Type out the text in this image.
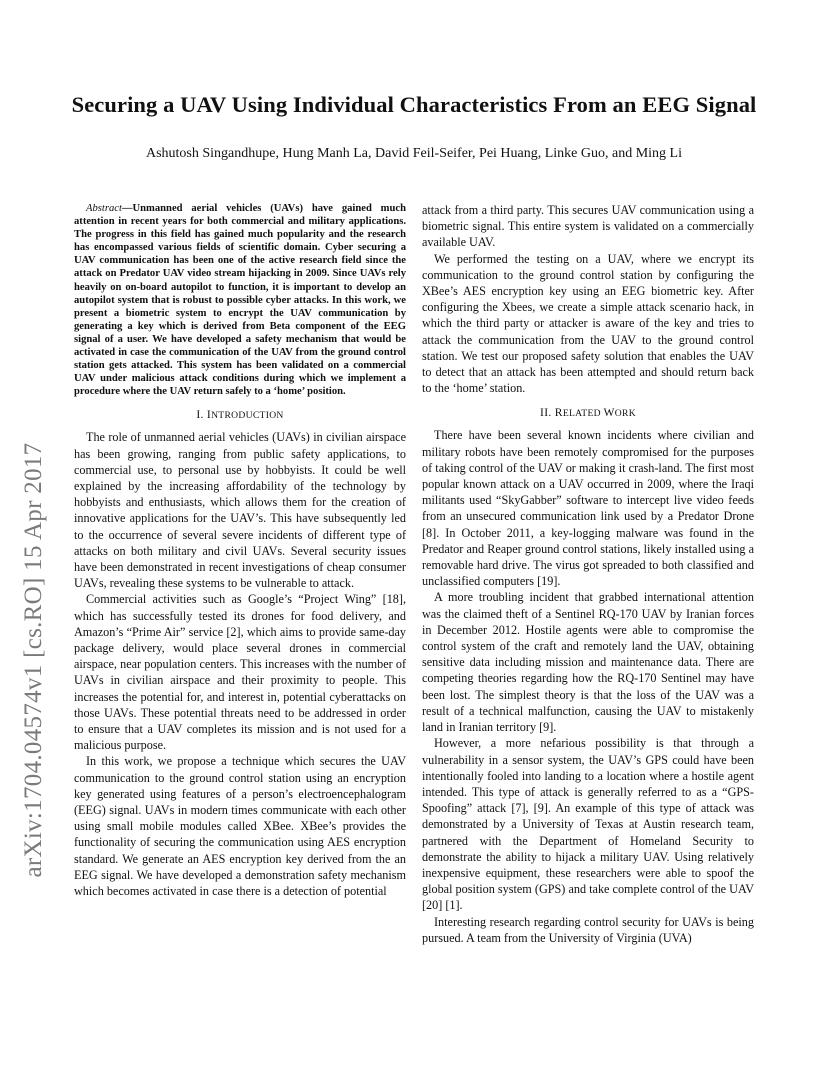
Securing a UAV Using Individual Characteristics From an EEG Signal
Ashutosh Singandhupe, Hung Manh La, David Feil-Seifer, Pei Huang, Linke Guo, and Ming Li
arXiv:1704.04574v1 [cs.RO] 15 Apr 2017

Abstract—Unmanned aerial vehicles (UAVs) have gained much attention in recent years for both commercial and military applications. The progress in this field has gained much popularity and the research has encompassed various fields of scientific domain. Cyber securing a UAV communication has been one of the active research field since the attack on Predator UAV video stream hijacking in 2009. Since UAVs rely heavily on on-board autopilot to function, it is important to develop an autopilot system that is robust to possible cyber attacks. In this work, we present a biometric system to encrypt the UAV communication by generating a key which is derived from Beta component of the EEG signal of a user. We have developed a safety mechanism that would be activated in case the communication of the UAV from the ground control station gets attacked. This system has been validated on a commercial UAV under malicious attack conditions during which we implement a procedure where the UAV return safely to a ‘home’ position.

I. INTRODUCTION

The role of unmanned aerial vehicles (UAVs) in civilian airspace has been growing, ranging from public safety applications, to commercial use, to personal use by hobbyists. It could be well explained by the increasing affordability of the technology by hobbyists and enthusiasts, which allows them for the creation of innovative applications for the UAV’s. This have subsequently led to the occurrence of several severe incidents of different type of attacks on both military and civil UAVs. Several security issues have been demonstrated in recent investigations of cheap consumer UAVs, revealing these systems to be vulnerable to attack.

Commercial activities such as Google’s “Project Wing” [18], which has successfully tested its drones for food delivery, and Amazon’s “Prime Air” service [2], which aims to provide same-day package delivery, would place several drones in commercial airspace, near population centers. This increases with the number of UAVs in civilian airspace and their proximity to people. This increases the potential for, and interest in, potential cyberattacks on those UAVs. These potential threats need to be addressed in order to ensure that a UAV completes its mission and is not used for a malicious purpose.

In this work, we propose a technique which secures the UAV communication to the ground control station using an encryption key generated using features of a person’s electroencephalogram (EEG) signal. UAVs in modern times communicate with each other using small mobile modules called XBee. XBee’s provides the functionality of securing the communication using AES encryption standard. We generate an AES encryption key derived from the an EEG signal. We have developed a demonstration safety mechanism which becomes activated in case there is a detection of potential

attack from a third party. This secures UAV communication using a biometric signal. This entire system is validated on a commercially available UAV.

We performed the testing on a UAV, where we encrypt its communication to the ground control station by configuring the XBee’s AES encryption key using an EEG biometric key. After configuring the Xbees, we create a simple attack scenario hack, in which the third party or attacker is aware of the key and tries to attack the communication from the UAV to the ground control station. We test our proposed safety solution that enables the UAV to detect that an attack has been attempted and should return back to the ‘home’ station.

II. RELATED WORK

There have been several known incidents where civilian and military robots have been remotely compromised for the purposes of taking control of the UAV or making it crash-land. The first most popular known attack on a UAV occurred in 2009, where the Iraqi militants used “SkyGabber” software to intercept live video feeds from an unsecured communication link used by a Predator Drone [8]. In October 2011, a key-logging malware was found in the Predator and Reaper ground control stations, likely installed using a removable hard drive. The virus got spreaded to both classified and unclassified computers [19].

A more troubling incident that grabbed international attention was the claimed theft of a Sentinel RQ-170 UAV by Iranian forces in December 2012. Hostile agents were able to compromise the control system of the craft and remotely land the UAV, obtaining sensitive data including mission and maintenance data. There are competing theories regarding how the RQ-170 Sentinel may have been lost. The simplest theory is that the loss of the UAV was a result of a technical malfunction, causing the UAV to mistakenly land in Iranian territory [9].

However, a more nefarious possibility is that through a vulnerability in a sensor system, the UAV’s GPS could have been intentionally fooled into landing to a location where a hostile agent intended. This type of attack is generally referred to as a “GPS-Spoofing” attack [7], [9]. An example of this type of attack was demonstrated by a University of Texas at Austin research team, partnered with the Department of Homeland Security to demonstrate the ability to hijack a military UAV. Using relatively inexpensive equipment, these researchers were able to spoof the global position system (GPS) and take complete control of the UAV [20] [1].

Interesting research regarding control security for UAVs is being pursued. A team from the University of Virginia (UVA)
